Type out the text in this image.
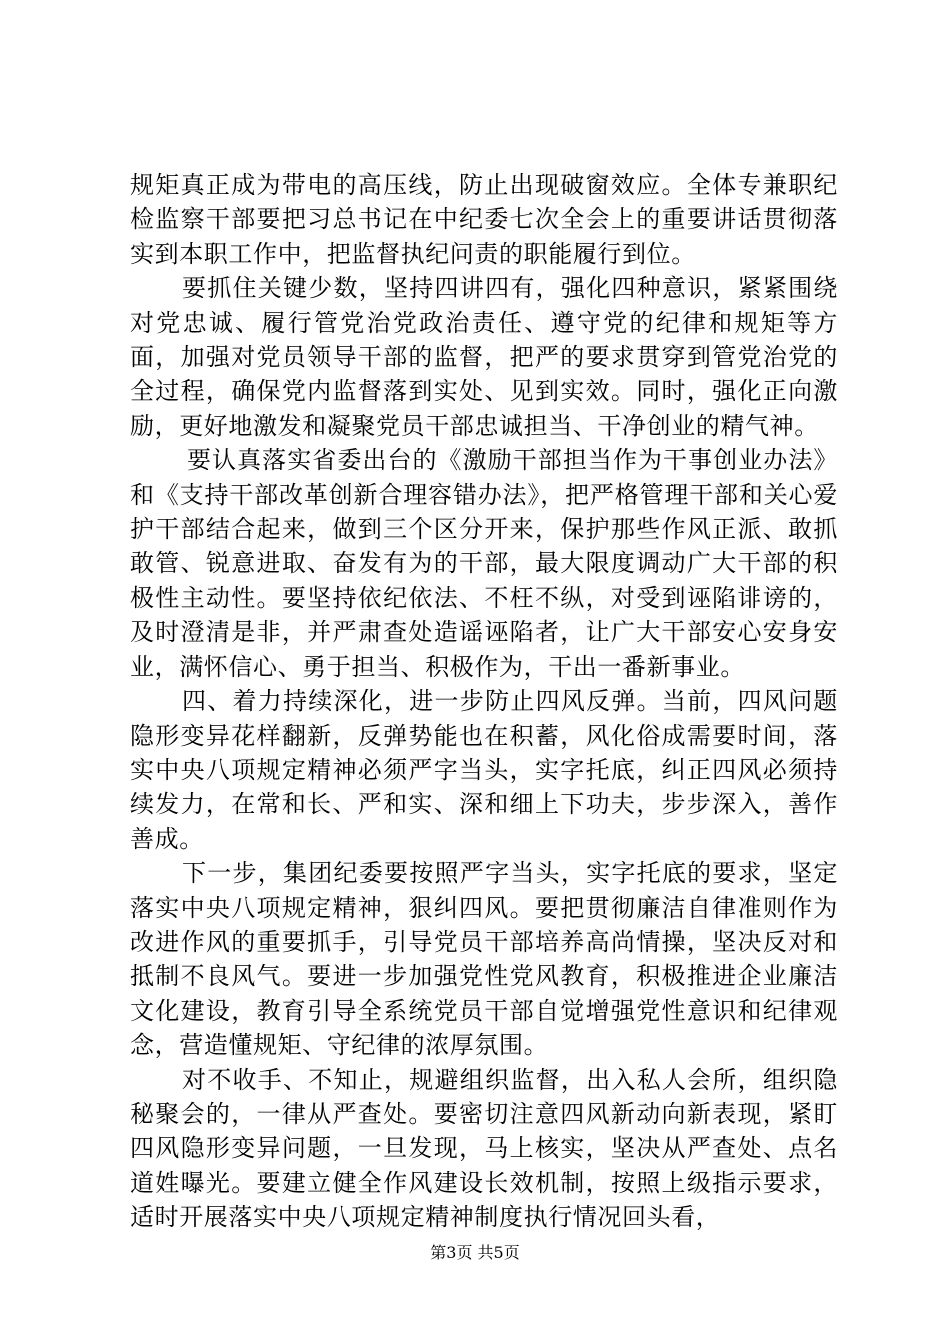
规矩真正成为带电的高压线，防止出现破窗效应。全体专兼职纪检监察干部要把习总书记在中纪委七次全会上的重要讲话贯彻落实到本职工作中，把监督执纪问责的职能履行到位。

要抓住关键少数，坚持四讲四有，强化四种意识，紧紧围绕对党忠诚、履行管党治党政治责任、遵守党的纪律和规矩等方面，加强对党员领导干部的监督，把严的要求贯穿到管党治党的全过程，确保党内监督落到实处、见到实效。同时，强化正向激励，更好地激发和凝聚党员干部忠诚担当、干净创业的精气神。

要认真落实省委出台的《激励干部担当作为干事创业办法》和《支持干部改革创新合理容错办法》，把严格管理干部和关心爱护干部结合起来，做到三个区分开来，保护那些作风正派、敢抓敢管、锐意进取、奋发有为的干部，最大限度调动广大干部的积极性主动性。要坚持依纪依法、不枉不纵，对受到诬陷诽谤的，及时澄清是非，并严肃查处造谣诬陷者，让广大干部安心安身安业，满怀信心、勇于担当、积极作为，干出一番新事业。

四、着力持续深化，进一步防止四风反弹。当前，四风问题隐形变异花样翻新，反弹势能也在积蓄，风化俗成需要时间，落实中央八项规定精神必须严字当头，实字托底，纠正四风必须持续发力，在常和长、严和实、深和细上下功夫，步步深入，善作善成。

下一步，集团纪委要按照严字当头，实字托底的要求，坚定落实中央八项规定精神，狠纠四风。要把贯彻廉洁自律准则作为改进作风的重要抓手，引导党员干部培养高尚情操，坚决反对和抵制不良风气。要进一步加强党性党风教育，积极推进企业廉洁文化建设，教育引导全系统党员干部自觉增强党性意识和纪律观念，营造懂规矩、守纪律的浓厚氛围。

对不收手、不知止，规避组织监督，出入私人会所，组织隐秘聚会的，一律从严查处。要密切注意四风新动向新表现，紧盯四风隐形变异问题，一旦发现，马上核实，坚决从严查处、点名道姓曝光。要建立健全作风建设长效机制，按照上级指示要求，适时开展落实中央八项规定精神制度执行情况回头看，

第3页 共5页
